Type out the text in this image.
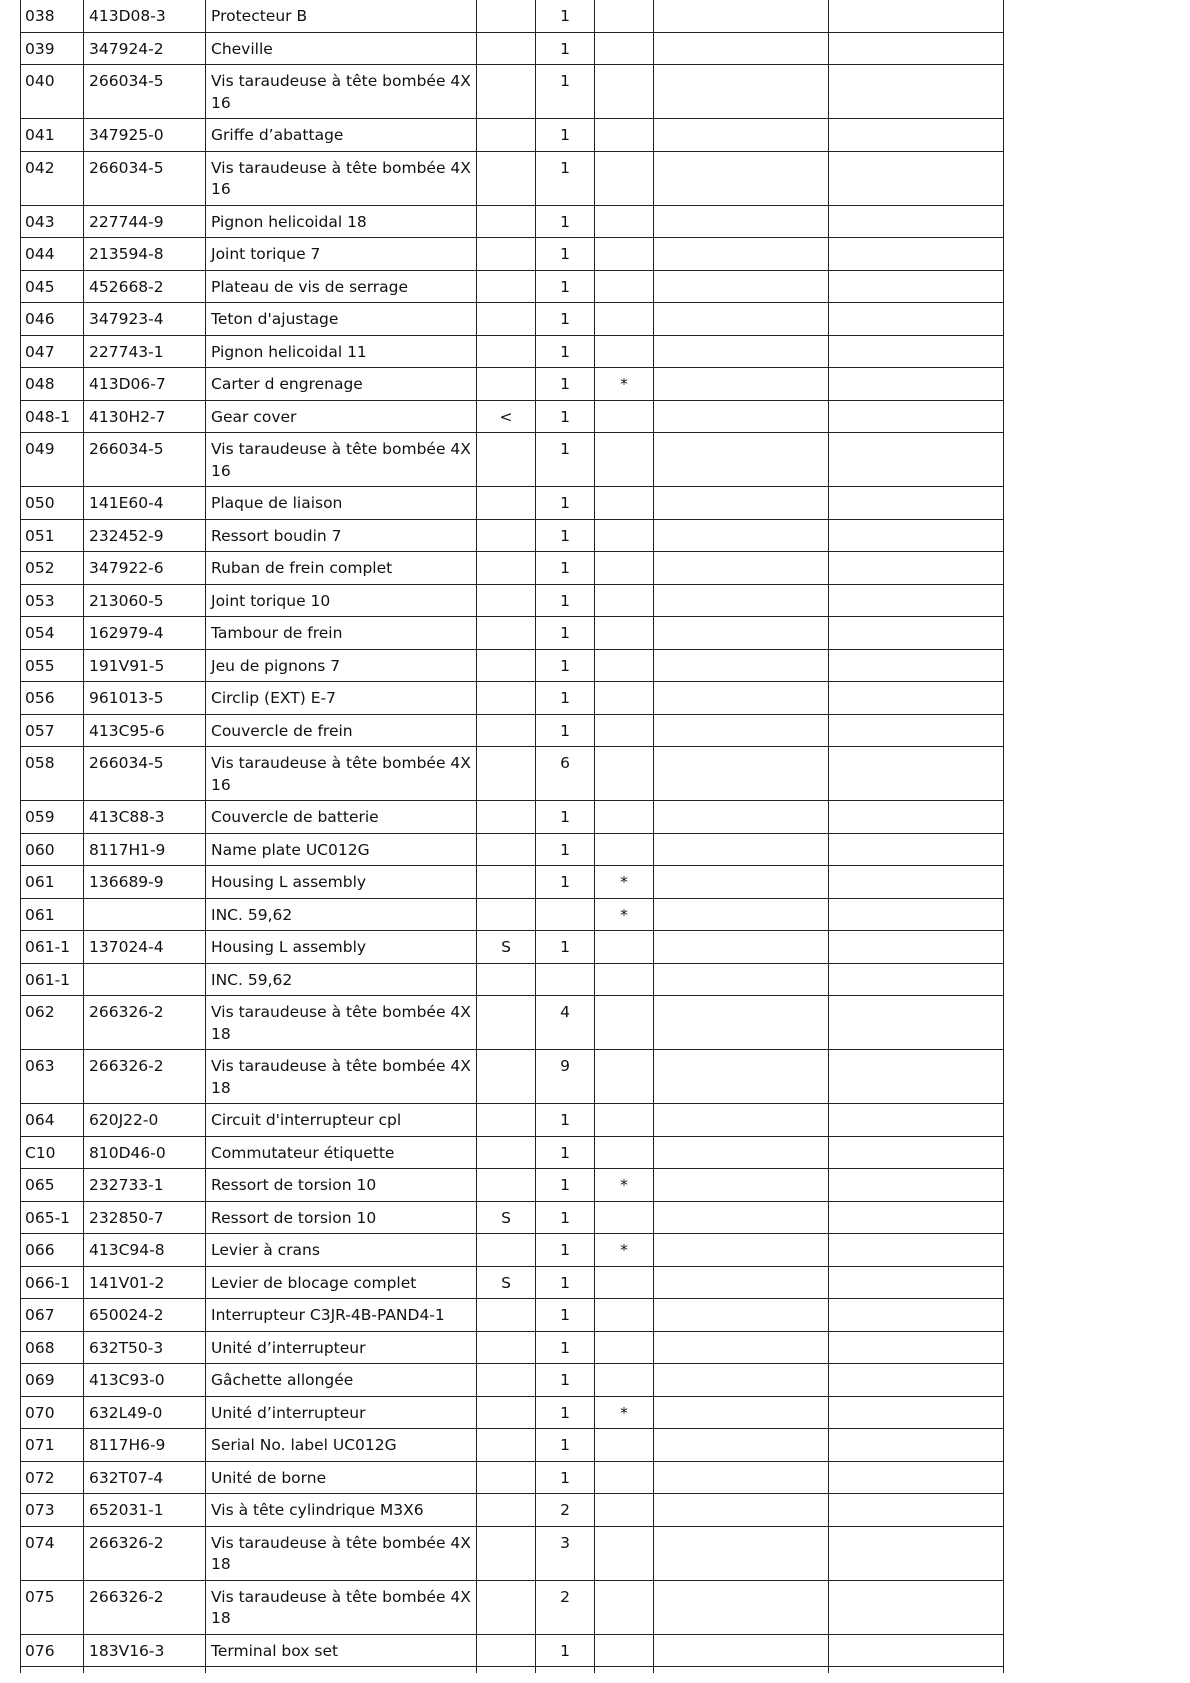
038	413D08-3	Protecteur B		1			

039	347924-2	Cheville		1			

040	266034-5	Vis taraudeuse à tête bombée 4X 16		1			

041	347925-0	Griffe d’abattage		1			

042	266034-5	Vis taraudeuse à tête bombée 4X 16		1			

043	227744-9	Pignon helicoidal 18		1			

044	213594-8	Joint torique 7		1			

045	452668-2	Plateau de vis de serrage		1			

046	347923-4	Teton d'ajustage		1			

047	227743-1	Pignon helicoidal 11		1			

048	413D06-7	Carter d engrenage		1	*		

048-1	4130H2-7	Gear cover	<	1			

049	266034-5	Vis taraudeuse à tête bombée 4X 16		1			

050	141E60-4	Plaque de liaison		1			

051	232452-9	Ressort boudin 7		1			

052	347922-6	Ruban de frein complet		1			

053	213060-5	Joint torique 10		1			

054	162979-4	Tambour de frein		1			

055	191V91-5	Jeu de pignons 7		1			

056	961013-5	Circlip (EXT) E-7		1			

057	413C95-6	Couvercle de frein		1			

058	266034-5	Vis taraudeuse à tête bombée 4X 16		6			

059	413C88-3	Couvercle de batterie		1			

060	8117H1-9	Name plate UC012G		1			

061	136689-9	Housing L assembly		1	*		

061		INC. 59,62			*		

061-1	137024-4	Housing L assembly	S	1			

061-1		INC. 59,62					

062	266326-2	Vis taraudeuse à tête bombée 4X 18		4			

063	266326-2	Vis taraudeuse à tête bombée 4X 18		9			

064	620J22-0	Circuit d'interrupteur cpl		1			

C10	810D46-0	Commutateur étiquette		1			

065	232733-1	Ressort de torsion 10		1	*		

065-1	232850-7	Ressort de torsion 10	S	1			

066	413C94-8	Levier à crans		1	*		

066-1	141V01-2	Levier de blocage complet	S	1			

067	650024-2	Interrupteur C3JR-4B-PAND4-1		1			

068	632T50-3	Unité d’interrupteur		1			

069	413C93-0	Gâchette allongée		1			

070	632L49-0	Unité d’interrupteur		1	*		

071	8117H6-9	Serial No. label UC012G		1			

072	632T07-4	Unité de borne		1			

073	652031-1	Vis à tête cylindrique M3X6		2			

074	266326-2	Vis taraudeuse à tête bombée 4X 18		3			

075	266326-2	Vis taraudeuse à tête bombée 4X 18		2			

076	183V16-3	Terminal box set		1			
